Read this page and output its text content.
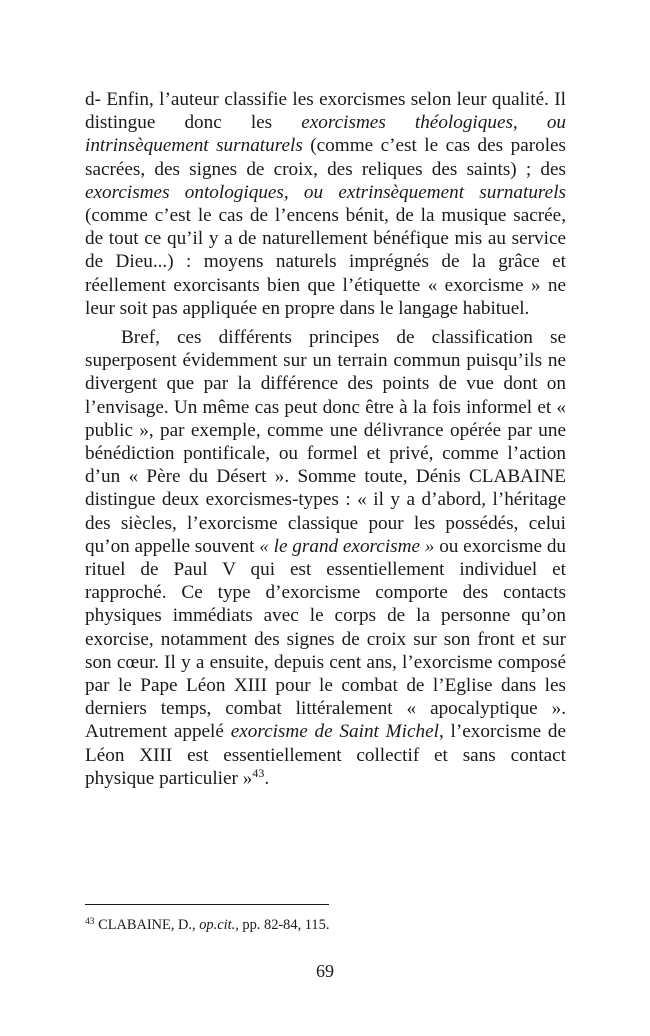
d- Enfin, l’auteur classifie les exorcismes selon leur qualité. Il distingue donc les exorcismes théologiques, ou intrinsèquement surnaturels (comme c’est le cas des paroles sacrées, des signes de croix, des reliques des saints) ; des exorcismes ontologiques, ou extrinsèquement surnaturels (comme c’est le cas de l’encens bénit, de la musique sacrée, de tout ce qu’il y a de naturellement bénéfique mis au service de Dieu...) : moyens naturels imprégnés de la grâce et réellement exorcisants bien que l’étiquette « exorcisme » ne leur soit pas appliquée en propre dans le langage habituel.

Bref, ces différents principes de classification se superposent évidemment sur un terrain commun puisqu’ils ne divergent que par la différence des points de vue dont on l’envisage. Un même cas peut donc être à la fois informel et « public », par exemple, comme une délivrance opérée par une bénédiction pontificale, ou formel et privé, comme l’action d’un « Père du Désert ». Somme toute, Dénis CLABAINE distingue deux exorcismes-types : « il y a d’abord, l’héritage des siècles, l’exorcisme classique pour les possédés, celui qu’on appelle souvent « le grand exorcisme » ou exorcisme du rituel de Paul V qui est essentiellement individuel et rapproché. Ce type d’exorcisme comporte des contacts physiques immédiats avec le corps de la personne qu’on exorcise, notamment des signes de croix sur son front et sur son cœur. Il y a ensuite, depuis cent ans, l’exorcisme composé par le Pape Léon XIII pour le combat de l’Eglise dans les derniers temps, combat littéralement « apocalyptique ». Autrement appelé exorcisme de Saint Michel, l’exorcisme de Léon XIII est essentiellement collectif et sans contact physique particulier »$^{43}$.

$^{43}$ CLABAINE, D., op.cit., pp. 82-84, 115.
69
